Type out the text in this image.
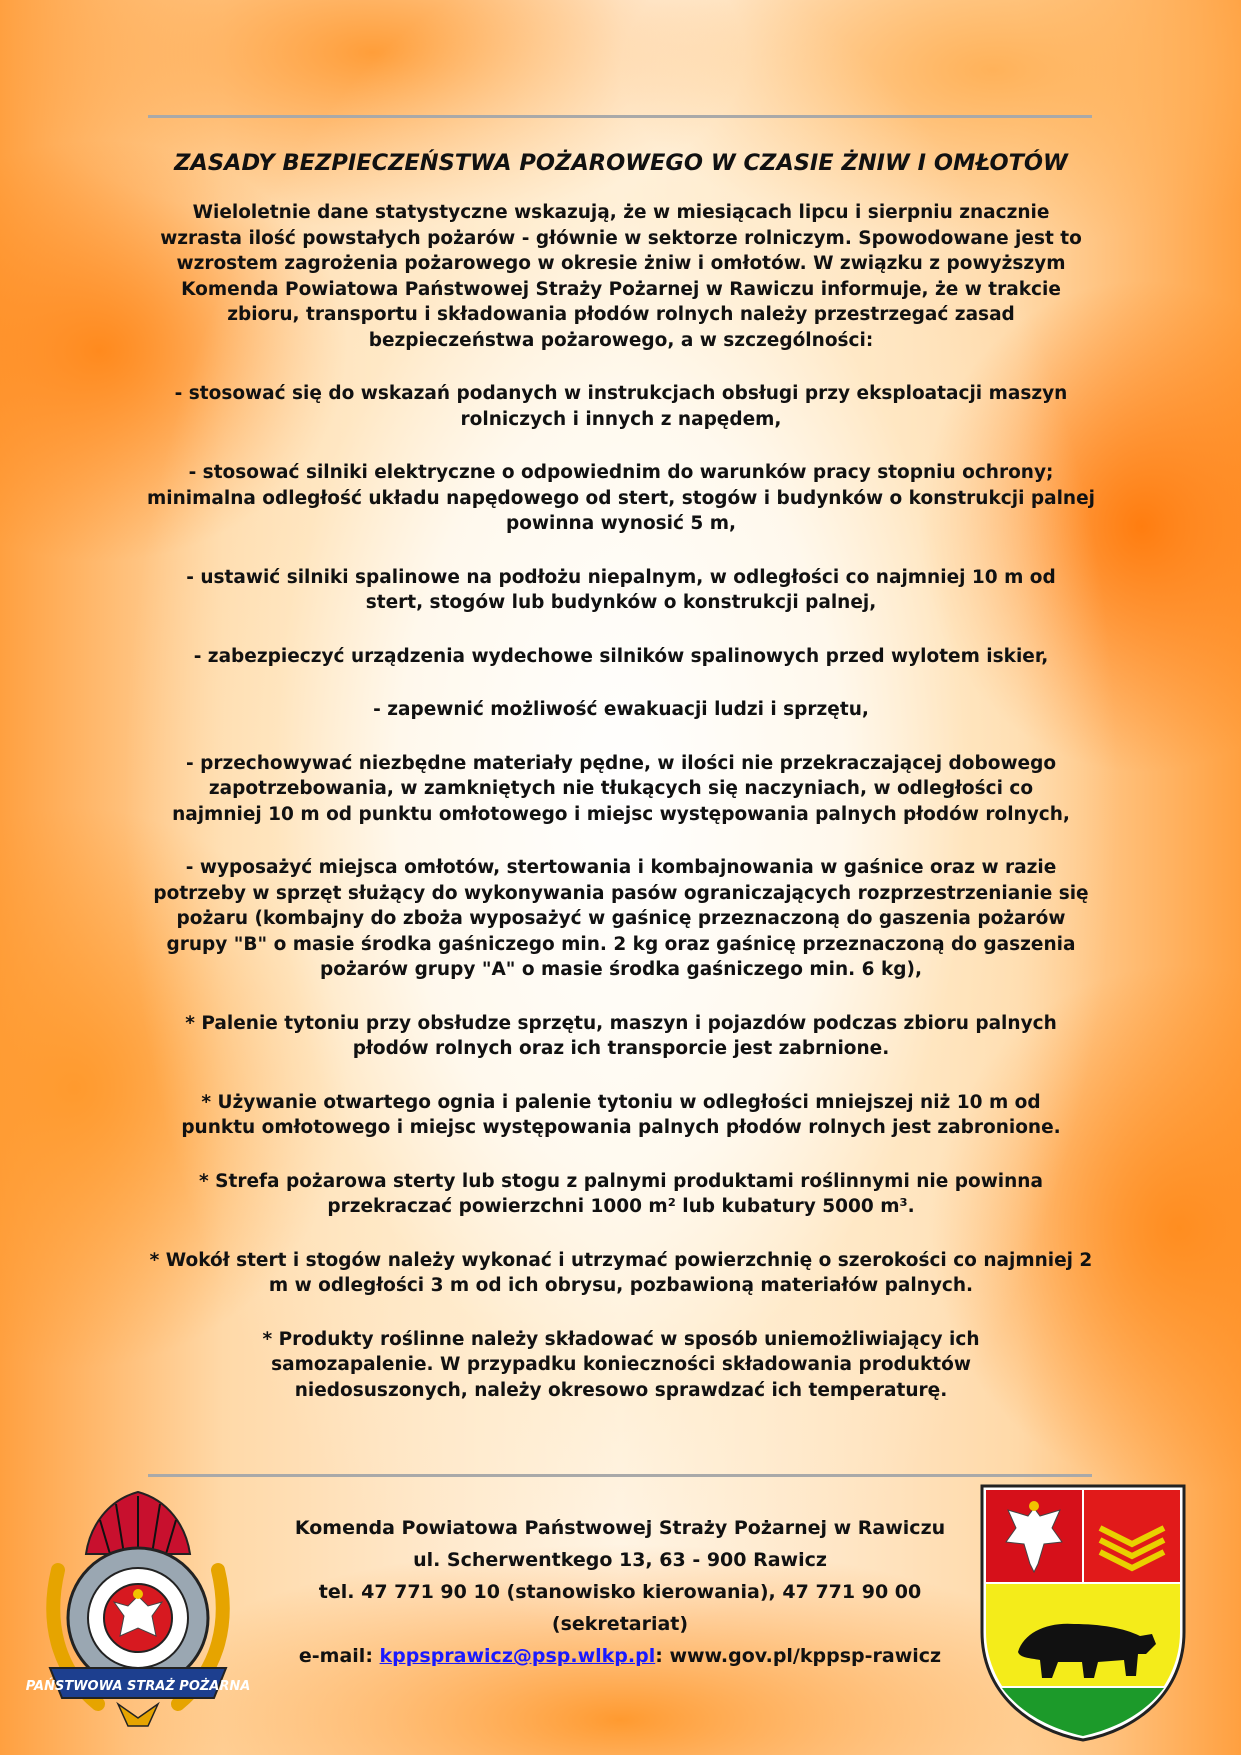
ZASADY BEZPIECZEŃSTWA POŻAROWEGO W CZASIE ŻNIW I OMŁOTÓW
Wieloletnie dane statystyczne wskazują, że w miesiącach lipcu i sierpniu znacznie wzrasta ilość powstałych pożarów - głównie w sektorze rolniczym. Spowodowane jest to wzrostem zagrożenia pożarowego w okresie żniw i omłotów. W związku z powyższym Komenda Powiatowa Państwowej Straży Pożarnej w Rawiczu informuje, że w trakcie zbioru, transportu i składowania płodów rolnych należy przestrzegać zasad bezpieczeństwa pożarowego, a w szczególności:
- stosować się do wskazań podanych w instrukcjach obsługi przy eksploatacji maszyn rolniczych i innych z napędem,
- stosować silniki elektryczne o odpowiednim do warunków pracy stopniu ochrony; minimalna odległość układu napędowego od stert, stogów i budynków o konstrukcji palnej powinna wynosić 5 m,
- ustawić silniki spalinowe na podłożu niepalnym, w odległości co najmniej 10 m od stert, stogów lub budynków o konstrukcji palnej,
- zabezpieczyć urządzenia wydechowe silników spalinowych przed wylotem iskier,
- zapewnić możliwość ewakuacji ludzi i sprzętu,
- przechowywać niezbędne materiały pędne, w ilości nie przekraczającej dobowego zapotrzebowania, w zamkniętych nie tłukących się naczyniach, w odległości co najmniej 10 m od punktu omłotowego i miejsc występowania palnych płodów rolnych,
- wyposażyć miejsca omłotów, stertowania i kombajnowania w gaśnice oraz w razie potrzeby w sprzęt służący do wykonywania pasów ograniczających rozprzestrzenianie się pożaru (kombajny do zboża wyposażyć w gaśnicę przeznaczoną do gaszenia pożarów grupy "B" o masie środka gaśniczego min. 2 kg oraz gaśnicę przeznaczoną do gaszenia pożarów grupy "A" o masie środka gaśniczego min. 6 kg),
* Palenie tytoniu przy obsłudze sprzętu, maszyn i pojazdów podczas zbioru palnych płodów rolnych oraz ich transporcie jest zabrnione.
* Używanie otwartego ognia i palenie tytoniu w odległości mniejszej niż 10 m od punktu omłotowego i miejsc występowania palnych płodów rolnych jest zabronione.
* Strefa pożarowa sterty lub stogu z palnymi produktami roślinnymi nie powinna przekraczać powierzchni 1000 m² lub kubatury 5000 m³.
* Wokół stert i stogów należy wykonać i utrzymać powierzchnię o szerokości co najmniej 2 m w odległości 3 m od ich obrysu, pozbawioną materiałów palnych.
* Produkty roślinne należy składować w sposób uniemożliwiający ich samozapalenie. W przypadku konieczności składowania produktów niedosuszonych, należy okresowo sprawdzać ich temperaturę.
PAŃSTWOWA STRAŻ POŻARNA
Komenda Powiatowa Państwowej Straży Pożarnej w Rawiczu
ul. Scherwentkego 13, 63 - 900 Rawicz
tel. 47 771 90 10 (stanowisko kierowania), 47 771 90 00 (sekretariat)
e-mail: kppsprawicz@psp.wlkp.pl: www.gov.pl/kppsp-rawicz
